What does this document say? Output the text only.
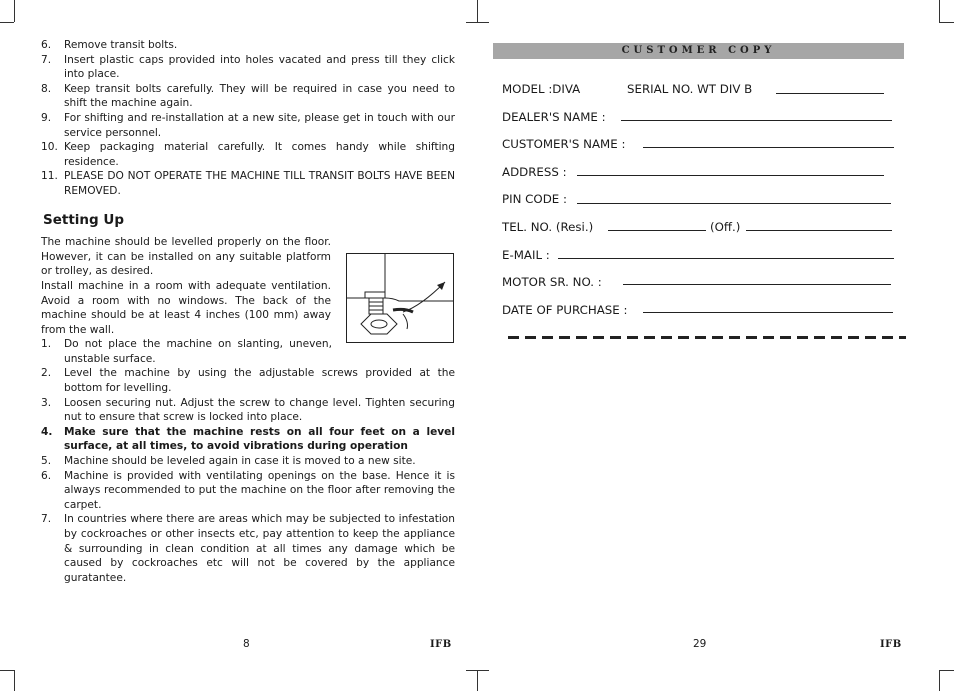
6. Remove transit bolts.
7. Insert plastic caps provided into holes vacated and press till they click into place.
8. Keep transit bolts carefully. They will be required in case you need to shift the machine again.
9. For shifting and re-installation at a new site, please get in touch with our service personnel.
10. Keep packaging material carefully. It comes handy while shifting residence.
11. PLEASE DO NOT OPERATE THE MACHINE TILL TRANSIT BOLTS HAVE BEEN REMOVED.
Setting Up
The machine should be levelled properly on the floor. However, it can be installed on any suitable platform or trolley, as desired.
Install machine in a room with adequate ventilation. Avoid a room with no windows. The back of the machine should be at least 4 inches (100 mm) away from the wall.
1. Do not place the machine on slanting, uneven, unstable surface.
2. Level the machine by using the adjustable screws provided at the bottom for levelling.
3. Loosen securing nut. Adjust the screw to change level. Tighten securing nut to ensure that screw is locked into place.
4. Make sure that the machine rests on all four feet on a level surface, at all times, to avoid vibrations during operation
5. Machine should be leveled again in case it is moved to a new site.
6. Machine is provided with ventilating openings on the base. Hence it is always recommended to put the machine on the floor after removing the carpet.
7. In countries where there are areas which may be subjected to infestation by cockroaches or other insects etc, pay attention to keep the appliance & surrounding in clean condition at all times any damage which be caused by cockroaches etc will not be covered by the appliance guratantee.
8	IFB
CUSTOMER COPY
MODEL :DIVA	SERIAL NO. WT DIV B
DEALER'S NAME :
CUSTOMER'S NAME :
ADDRESS :
PIN CODE :
TEL. NO. (Resi.)	(Off.)
E-MAIL :
MOTOR SR. NO. :
DATE OF PURCHASE :
29	IFB
